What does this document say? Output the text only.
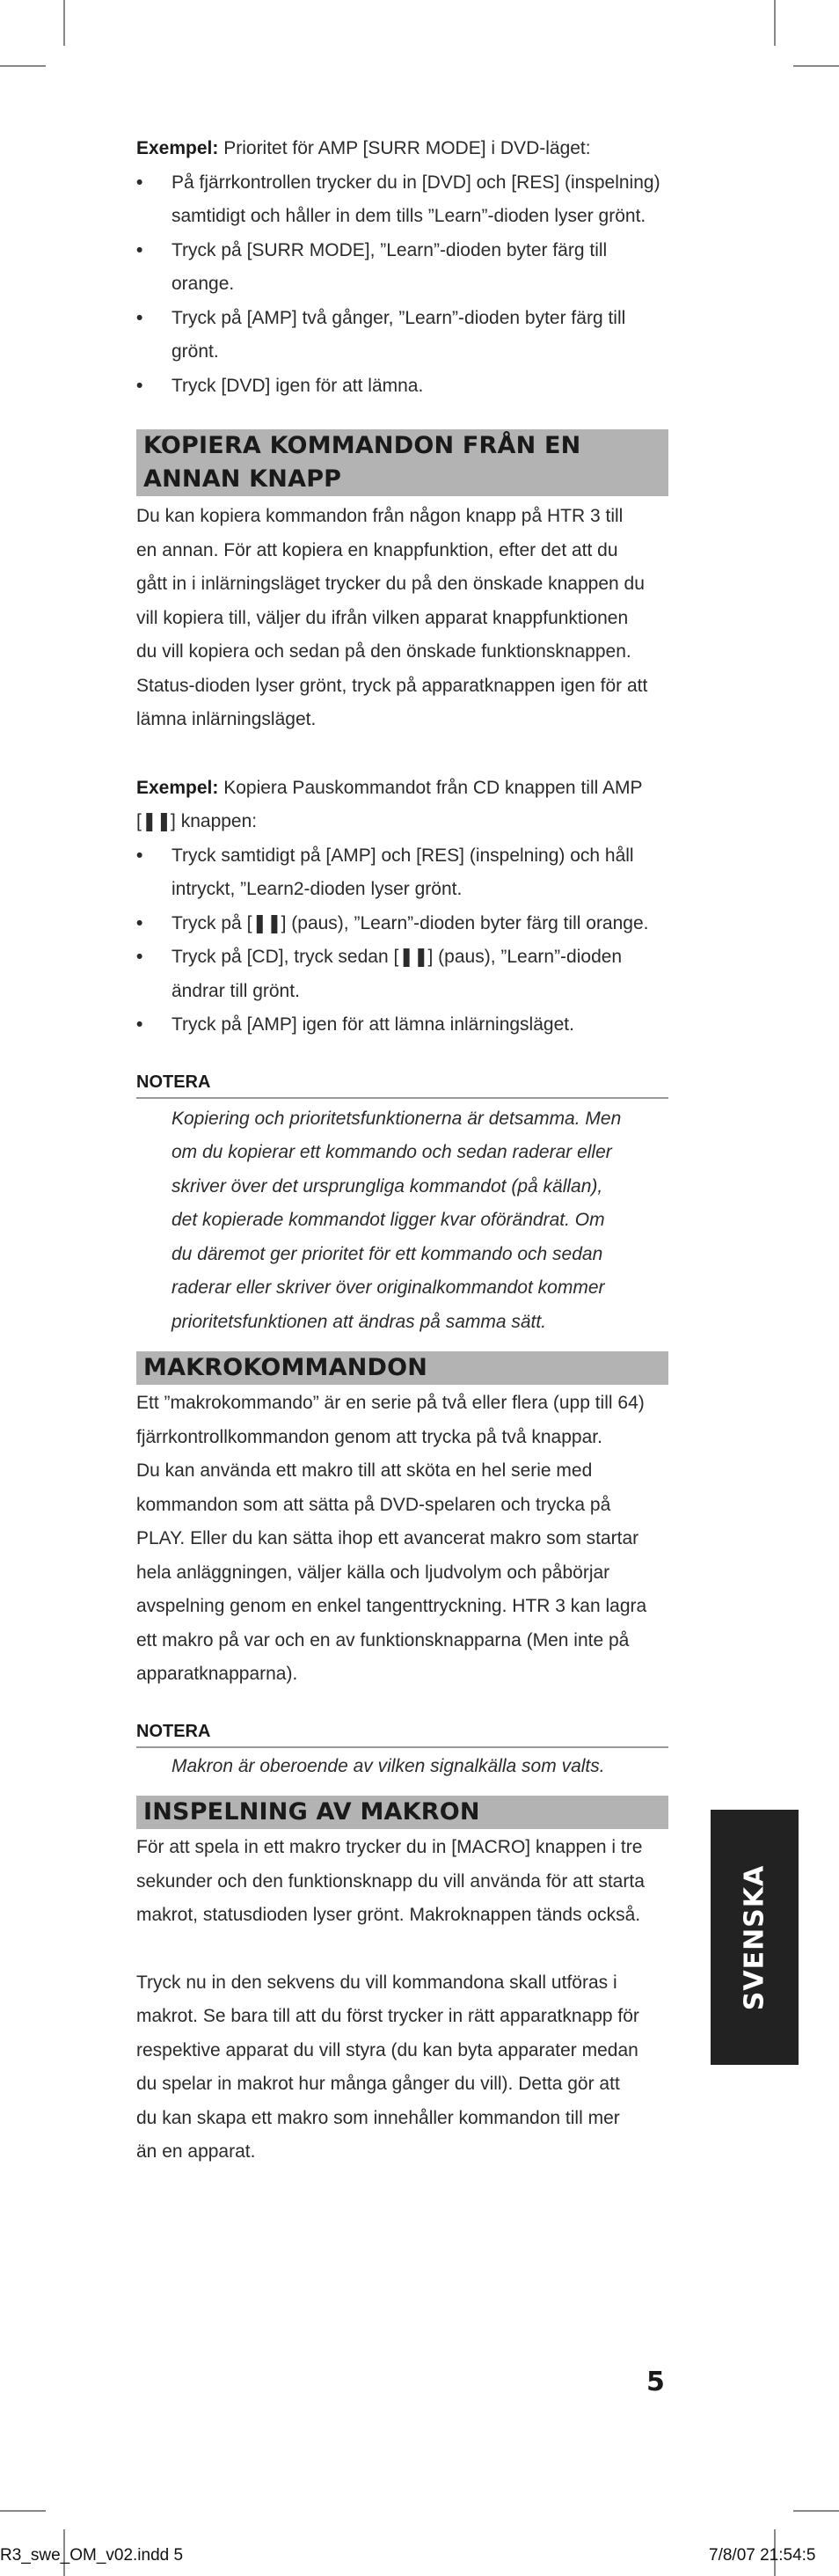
Exempel: Prioritet för AMP [SURR MODE] i DVD-läget:

• På fjärrkontrollen trycker du in [DVD] och [RES] (inspelning)
samtidigt och håller in dem tills ”Learn”-dioden lyser grönt.
• Tryck på [SURR MODE], ”Learn”-dioden byter färg till
orange.
• Tryck på [AMP] två gånger, ”Learn”-dioden byter färg till
grönt.
• Tryck [DVD] igen för att lämna.
KOPIERA KOMMANDON FRÅN EN
ANNAN KNAPP

Du kan kopiera kommandon från någon knapp på HTR 3 till
en annan. För att kopiera en knappfunktion, efter det att du
gått in i inlärningsläget trycker du på den önskade knappen du
vill kopiera till, väljer du ifrån vilken apparat knappfunktionen
du vill kopiera och sedan på den önskade funktionsknappen.
Status-dioden lyser grönt, tryck på apparatknappen igen för att
lämna inlärningsläget.

Exempel: Kopiera Pauskommandot från CD knappen till AMP
[❚❚] knappen:

• Tryck samtidigt på [AMP] och [RES] (inspelning) och håll
intryckt, ”Learn2-dioden lyser grönt.
• Tryck på [❚❚] (paus), ”Learn”-dioden byter färg till orange.
• Tryck på [CD], tryck sedan [❚❚] (paus), ”Learn”-dioden
ändrar till grönt.
• Tryck på [AMP] igen för att lämna inlärningsläget.
NOTERA
Kopiering och prioritetsfunktionerna är detsamma. Men
om du kopierar ett kommando och sedan raderar eller
skriver över det ursprungliga kommandot (på källan),
det kopierade kommandot ligger kvar oförändrat. Om
du däremot ger prioritet för ett kommando och sedan
raderar eller skriver över originalkommandot kommer
prioritetsfunktionen att ändras på samma sätt.
MAKROKOMMANDON

Ett ”makrokommando” är en serie på två eller flera (upp till 64)
fjärrkontrollkommandon genom att trycka på två knappar.
Du kan använda ett makro till att sköta en hel serie med
kommandon som att sätta på DVD-spelaren och trycka på
PLAY. Eller du kan sätta ihop ett avancerat makro som startar
hela anläggningen, väljer källa och ljudvolym och påbörjar
avspelning genom en enkel tangenttryckning. HTR 3 kan lagra
ett makro på var och en av funktionsknapparna (Men inte på
apparatknapparna).

NOTERA
Makron är oberoende av vilken signalkälla som valts.
INSPELNING AV MAKRON

För att spela in ett makro trycker du in [MACRO] knappen i tre
sekunder och den funktionsknapp du vill använda för att starta
makrot, statusdioden lyser grönt. Makroknappen tänds också.

Tryck nu in den sekvens du vill kommandona skall utföras i
makrot. Se bara till att du först trycker in rätt apparatknapp för
respektive apparat du vill styra (du kan byta apparater medan
du spelar in makrot hur många gånger du vill). Detta gör att
du kan skapa ett makro som innehåller kommandon till mer
än en apparat.

SVENSKA
5
R3_swe_OM_v02.indd 5	7/8/07 21:54:5
